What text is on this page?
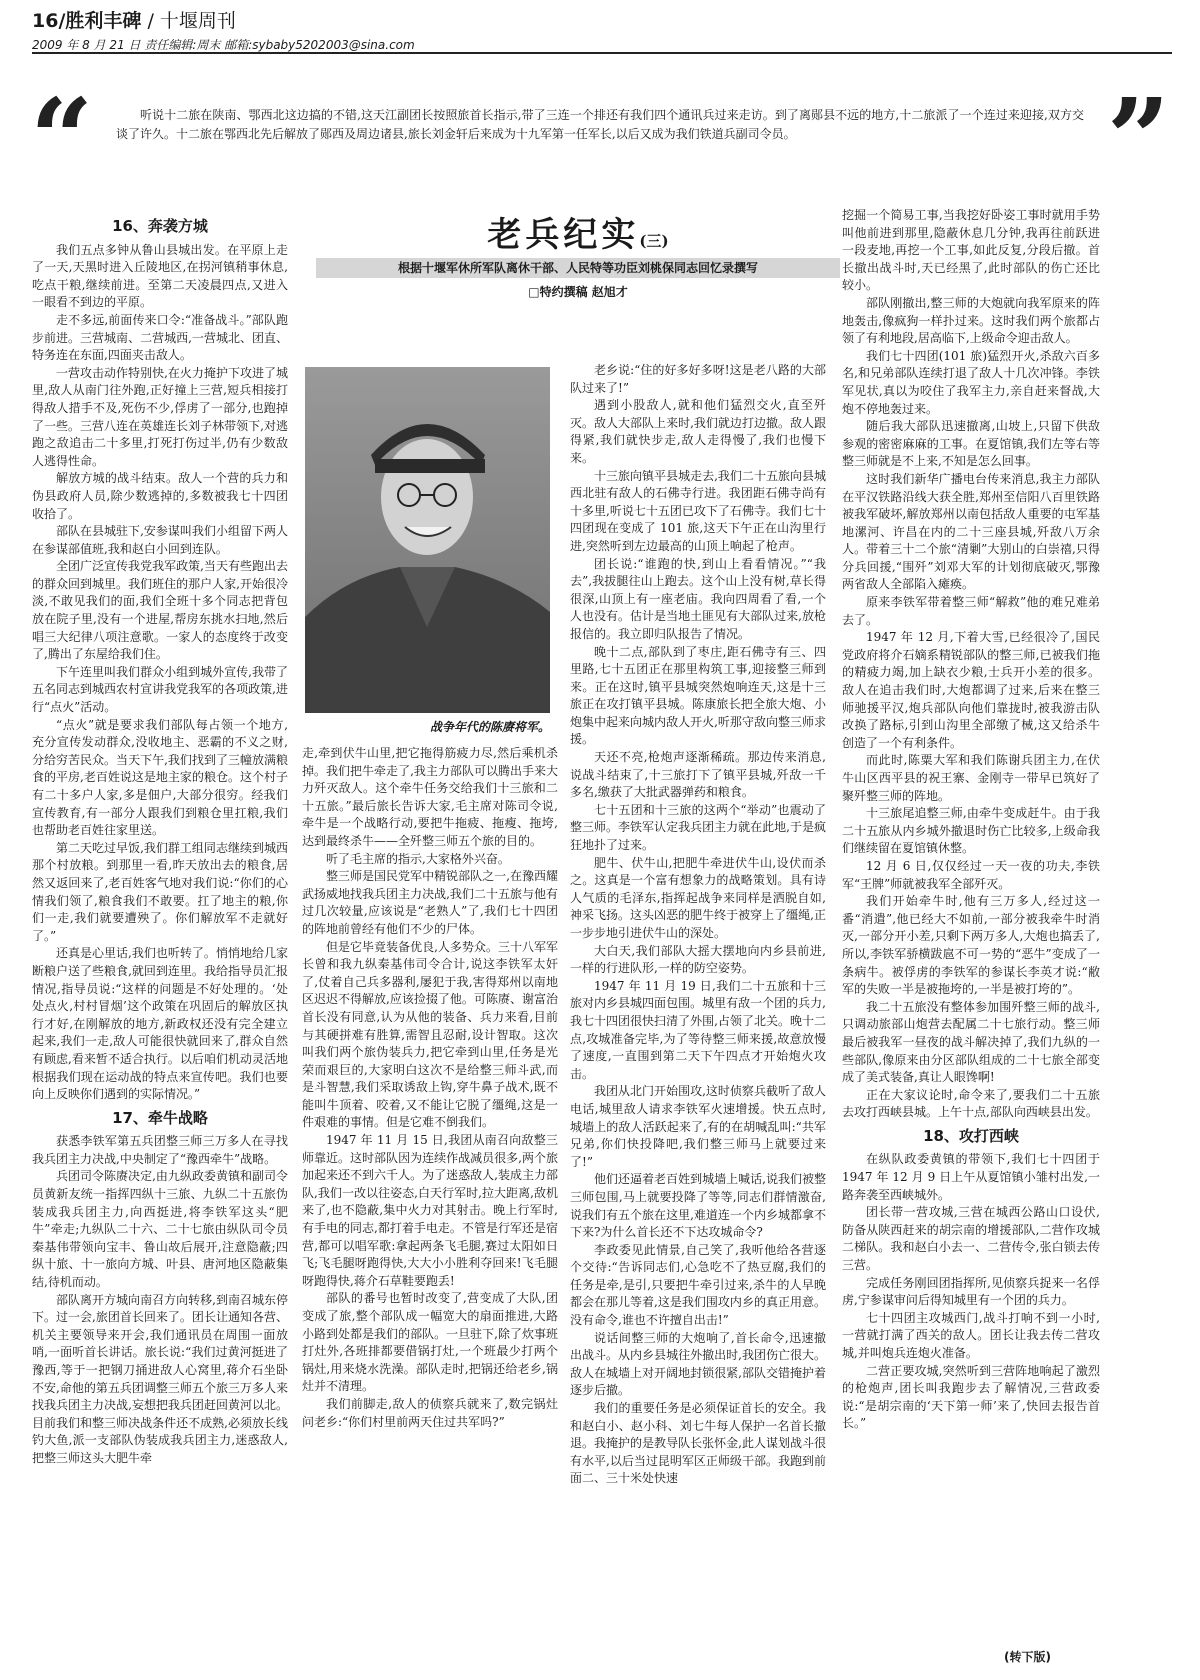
16/胜利丰碑 / 十堰周刊
2009 年 8 月 21 日 责任编辑:周末 邮箱:sybaby5202003@sina.com
“	听说十二旅在陕南、鄂西北这边搞的不错,这天江副团长按照旅首长指示,带了三连一个排还有我们四个通讯兵过来走访。到了离郧县不远的地方,十二旅派了一个连过来迎接,双方交谈了许久。十二旅在鄂西北先后解放了郧西及周边诸县,旅长刘金轩后来成为十九军第一任军长,以后又成为我们铁道兵副司令员。	”
老兵纪实(三)
根据十堰军休所军队离休干部、人民特等功臣刘桃保同志回忆录撰写
□特约撰稿 赵旭才
战争年代的陈赓将军。
16、奔袭方城

我们五点多钟从鲁山县城出发。在平原上走了一天,天黑时进入丘陵地区,在拐河镇稍事休息,吃点干粮,继续前进。至第二天凌晨四点,又进入一眼看不到边的平原。

走不多远,前面传来口令:“准备战斗。”部队跑步前进。三营城南、二营城西,一营城北、团直、特务连在东面,四面夹击敌人。

一营攻击动作特别快,在火力掩护下攻进了城里,敌人从南门往外跑,正好撞上三营,短兵相接打得敌人措手不及,死伤不少,俘虏了一部分,也跑掉了一些。三营八连在英雄连长刘子林带领下,对逃跑之敌追击二十多里,打死打伤过半,仍有少数敌人逃得性命。

解放方城的战斗结束。敌人一个营的兵力和伪县政府人员,除少数逃掉的,多数被我七十四团收拾了。

部队在县城驻下,安参谋叫我们小组留下两人在参谋部值班,我和赵白小回到连队。

全团广泛宣传我党我军政策,当天有些跑出去的群众回到城里。我们班住的那户人家,开始很冷淡,不敢见我们的面,我们全班十多个同志把背包放在院子里,没有一个进屋,帮房东挑水扫地,然后唱三大纪律八项注意歌。一家人的态度终于改变了,腾出了东屋给我们住。

下午连里叫我们群众小组到城外宣传,我带了五名同志到城西农村宣讲我党我军的各项政策,进行“点火”活动。

“点火”就是要求我们部队每占领一个地方,充分宣传发动群众,没收地主、恶霸的不义之财,分给穷苦民众。当天下午,我们找到了三幢放满粮食的平房,老百姓说这是地主家的粮仓。这个村子有二十多户人家,多是佃户,大部分很穷。经我们宣传教育,有一部分人跟我们到粮仓里扛粮,我们也帮助老百姓往家里送。

第二天吃过早饭,我们群工组同志继续到城西那个村放粮。到那里一看,昨天放出去的粮食,居然又返回来了,老百姓客气地对我们说:“你们的心情我们领了,粮食我们不敢要。扛了地主的粮,你们一走,我们就要遭殃了。你们解放军不走就好了。”

还真是心里话,我们也听转了。悄悄地给几家断粮户送了些粮食,就回到连里。我给指导员汇报情况,指导员说:“这样的问题是不好处理的。‘处处点火,村村冒烟’这个政策在巩固后的解放区执行才好,在刚解放的地方,新政权还没有完全建立起来,我们一走,敌人可能很快就回来了,群众自然有顾虑,看来暂不适合执行。以后咱们机动灵活地根据我们现在运动战的特点来宣传吧。我们也要向上反映你们遇到的实际情况。”

17、牵牛战略

获悉李铁军第五兵团整三师三万多人在寻找我兵团主力决战,中央制定了“豫西牵牛”战略。

兵团司令陈赓决定,由九纵政委黄镇和副司令员黄新友统一指挥四纵十三旅、九纵二十五旅伪装成我兵团主力,向西挺进,将李铁军这头“肥牛”牵走;九纵队二十六、二十七旅由纵队司令员秦基伟带领向宝丰、鲁山故后展开,注意隐蔽;四纵十旅、十一旅向方城、叶县、唐河地区隐蔽集结,待机而动。

部队离开方城向南召方向转移,到南召城东停下。过一会,旅团首长回来了。团长让通知各营、机关主要领导来开会,我们通讯员在周围一面放哨,一面听首长讲话。旅长说:“我们过黄河挺进了豫西,等于一把钢刀捅进敌人心窝里,蒋介石坐卧不安,命他的第五兵团调整三师五个旅三万多人来找我兵团主力决战,妄想把我兵团赶回黄河以北。目前我们和整三师决战条件还不成熟,必须放长线钓大鱼,派一支部队伪装成我兵团主力,迷惑敌人,把整三师这头大肥牛牵

走,牵到伏牛山里,把它拖得筋疲力尽,然后乘机杀掉。我们把牛牵走了,我主力部队可以腾出手来大力歼灭敌人。这个牵牛任务交给我们十三旅和二十五旅。”最后旅长告诉大家,毛主席对陈司令说,牵牛是一个战略行动,要把牛拖疲、拖瘦、拖垮,达到最终杀牛——全歼整三师五个旅的目的。

听了毛主席的指示,大家格外兴奋。

整三师是国民党军中精锐部队之一,在豫西耀武扬威地找我兵团主力决战,我们二十五旅与他有过几次较量,应该说是“老熟人”了,我们七十四团的阵地前曾经有他们不少的尸体。

但是它毕竟装备优良,人多势众。三十八军军长曾和我九纵秦基伟司令合计,说这李铁军太奸了,仗着自己兵多器利,屡犯于我,害得郑州以南地区迟迟不得解放,应该捡掇了他。可陈赓、谢富治首长没有同意,认为从他的装备、兵力来看,目前与其硬拼难有胜算,需智且忍耐,设计智取。这次叫我们两个旅伪装兵力,把它牵到山里,任务是光荣而艰巨的,大家明白这次不是给整三师斗武,而是斗智慧,我们采取诱敌上钩,穿牛鼻子战术,既不能叫牛顶着、咬着,又不能让它脱了缰绳,这是一件艰难的事情。但是它难不倒我们。

1947 年 11 月 15 日,我团从南召向敌整三师靠近。这时部队因为连续作战减员很多,两个旅加起来还不到六千人。为了迷惑敌人,装成主力部队,我们一改以往姿态,白天行军时,拉大距离,敌机来了,也不隐蔽,集中火力对其射击。晚上行军时,有手电的同志,都打着手电走。不管是行军还是宿营,都可以唱军歌:拿起两条飞毛腿,赛过太阳如日飞;飞毛腿呀跑得快,大大小小胜利夺回来!飞毛腿呀跑得快,蒋介石草鞋要跑丢!

部队的番号也暂时改变了,营变成了大队,团变成了旅,整个部队成一幅宽大的扇面推进,大路小路到处都是我们的部队。一旦驻下,除了炊事班打灶外,各班排都要借锅打灶,一个班最少打两个锅灶,用来烧水洗澡。部队走时,把锅还给老乡,锅灶并不清理。

我们前脚走,敌人的侦察兵就来了,数完锅灶问老乡:“你们村里前两天住过共军吗?”

老乡说:“住的好多好多呀!这是老八路的大部队过来了!”

遇到小股敌人,就和他们猛烈交火,直至歼灭。敌人大部队上来时,我们就边打边撤。敌人跟得紧,我们就快步走,敌人走得慢了,我们也慢下来。

十三旅向镇平县城走去,我们二十五旅向县城西北驻有敌人的石佛寺行进。我团距石佛寺尚有十多里,听说七十五团已攻下了石佛寺。我们七十四团现在变成了 101 旅,这天下午正在山沟里行进,突然听到左边最高的山顶上响起了枪声。

团长说:“谁跑的快,到山上看看情况。”“我去”,我拔腿往山上跑去。这个山上没有树,草长得很深,山顶上有一座老庙。我向四周看了看,一个人也没有。估计是当地土匪见有大部队过来,放枪报信的。我立即归队报告了情况。

晚十二点,部队到了枣庄,距石佛寺有三、四里路,七十五团正在那里构筑工事,迎接整三师到来。正在这时,镇平县城突然炮响连天,这是十三旅正在攻打镇平县城。陈康旅长把全旅大炮、小炮集中起来向城内敌人开火,听那守敌向整三师求援。

天还不亮,枪炮声逐渐稀疏。那边传来消息,说战斗结束了,十三旅打下了镇平县城,歼敌一千多名,缴获了大批武器弹药和粮食。

七十五团和十三旅的这两个“举动”也震动了整三师。李铁军认定我兵团主力就在此地,于是疯狂地扑了过来。

肥牛、伏牛山,把肥牛牵进伏牛山,设伏而杀之。这真是一个富有想象力的战略策划。具有诗人气质的毛泽东,指挥起战争来同样是洒脱自如,神采飞扬。这头凶恶的肥牛终于被穿上了缰绳,正一步步地引进伏牛山的深处。

大白天,我们部队大摇大摆地向内乡县前进,一样的行进队形,一样的防空姿势。

1947 年 11 月 19 日,我们二十五旅和十三旅对内乡县城四面包围。城里有敌一个团的兵力,我七十四团很快扫清了外围,占领了北关。晚十二点,攻城准备完毕,为了等待整三师来援,故意放慢了速度,一直围到第二天下午四点才开始炮火攻击。

我团从北门开始围攻,这时侦察兵截听了敌人电话,城里敌人请求李铁军火速增援。快五点时,城墙上的敌人活跃起来了,有的在胡喊乱叫:“共军兄弟,你们快投降吧,我们整三师马上就要过来了!”

他们还逼着老百姓到城墙上喊话,说我们被整三师包围,马上就要投降了等等,同志们群情激奋,说我们有五个旅在这里,难道连一个内乡城都拿不下来?为什么首长还不下达攻城命令?

李政委见此情景,自己笑了,我听他给各营逐个交待:“告诉同志们,心急吃不了热豆腐,我们的任务是牵,是引,只要把牛牵引过来,杀牛的人早晚都会在那儿等着,这是我们围攻内乡的真正用意。没有命令,谁也不许擅自出击!”

说话间整三师的大炮响了,首长命令,迅速撤出战斗。从内乡县城往外撤出时,我团伤亡很大。敌人在城墙上对开阔地封锁很紧,部队交错掩护着逐步后撤。

我们的重要任务是必须保证首长的安全。我和赵白小、赵小科、刘七牛每人保护一名首长撤退。我掩护的是教导队长张怀金,此人谋划战斗很有水平,以后当过昆明军区正师级干部。我跑到前面二、三十米处快速

挖掘一个简易工事,当我挖好卧姿工事时就用手势叫他前进到那里,隐蔽休息几分钟,我再往前跃进一段麦地,再挖一个工事,如此反复,分段后撤。首长撤出战斗时,天已经黑了,此时部队的伤亡还比较小。

部队刚撤出,整三师的大炮就向我军原来的阵地轰击,像疯狗一样扑过来。这时我们两个旅都占领了有利地段,居高临下,上级命令迎击敌人。

我们七十四团(101 旅)猛烈开火,杀敌六百多名,和兄弟部队连续打退了敌人十几次冲锋。李铁军见状,真以为咬住了我军主力,亲自赶来督战,大炮不停地轰过来。

随后我大部队迅速撤离,山坡上,只留下供敌参观的密密麻麻的工事。在夏馆镇,我们左等右等整三师就是不上来,不知是怎么回事。

这时我们新华广播电台传来消息,我主力部队在平汉铁路沿线大获全胜,郑州至信阳八百里铁路被我军破坏,解放郑州以南包括敌人重要的屯军基地漯河、许昌在内的二十三座县城,歼敌八万余人。带着三十二个旅“清剿”大别山的白崇禧,只得分兵回援,“围歼”刘邓大军的计划彻底破灭,鄂豫两省敌人全部陷入瘫痪。

原来李铁军带着整三师“解救”他的难兄难弟去了。

1947 年 12 月,下着大雪,已经很冷了,国民党政府将介石嫡系精锐部队的整三师,已被我们拖的精疲力竭,加上缺衣少粮,士兵开小差的很多。敌人在追击我们时,大炮都调了过来,后来在整三师驰援平汉,炮兵部队向他们靠拢时,被我游击队改换了路标,引到山沟里全部缴了械,这又给杀牛创造了一个有利条件。

而此时,陈粟大军和我们陈谢兵团主力,在伏牛山区西平县的祝王寨、金刚寺一带早已筑好了聚歼整三师的阵地。

十三旅尾追整三师,由牵牛变成赶牛。由于我二十五旅从内乡城外撤退时伤亡比较多,上级命我们继续留在夏馆镇休整。

12 月 6 日,仅仅经过一天一夜的功夫,李铁军“王牌”师就被我军全部歼灭。

我们开始牵牛时,他有三万多人,经过这一番“消遣”,他已经大不如前,一部分被我牵牛时消灭,一部分开小差,只剩下两万多人,大炮也搞丢了,所以,李铁军骄横跋扈不可一势的“恶牛”变成了一条病牛。被俘虏的李铁军的参谋长李英才说:“敝军的失败一半是被拖垮的,一半是被打垮的”。

我二十五旅没有整体参加围歼整三师的战斗,只调动旅部山炮营去配属二十七旅行动。整三师最后被我军一昼夜的战斗解决掉了,我们九纵的一些部队,像原来由分区部队组成的二十七旅全部变成了美式装备,真让人眼馋啊!

正在大家议论时,命令来了,要我们二十五旅去攻打西峡县城。上午十点,部队向西峡县出发。

18、攻打西峡

在纵队政委黄镇的带领下,我们七十四团于 1947 年 12 月 9 日上午从夏馆镇小雏村出发,一路奔袭至西峡城外。

团长带一营攻城,三营在城西公路山口设伏,防备从陕西赶来的胡宗南的增援部队,二营作攻城二梯队。我和赵白小去一、二营传令,张白锁去传三营。

完成任务刚回团指挥所,见侦察兵捉来一名俘虏,宁参谋审问后得知城里有一个团的兵力。

七十四团主攻城西门,战斗打响不到一小时,一营就打满了西关的敌人。团长让我去传二营攻城,并叫炮兵连炮火准备。

二营正要攻城,突然听到三营阵地响起了激烈的枪炮声,团长叫我跑步去了解情况,三营政委说:“是胡宗南的‘天下第一师’来了,快回去报告首长。”

(转下版)
